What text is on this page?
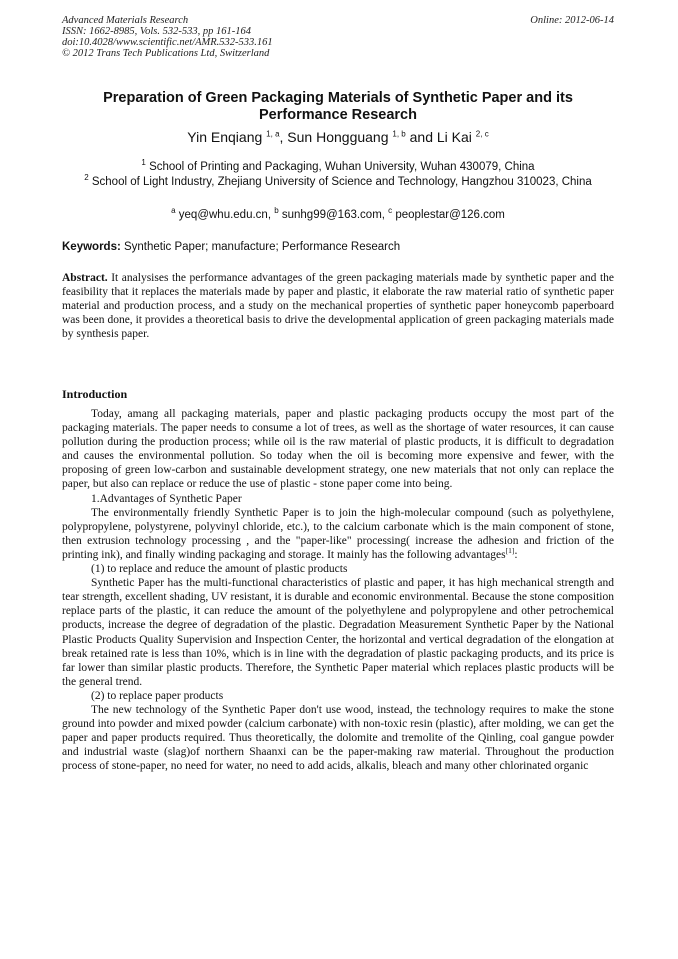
Advanced Materials Research
ISSN: 1662-8985, Vols. 532-533, pp 161-164
doi:10.4028/www.scientific.net/AMR.532-533.161
© 2012 Trans Tech Publications Ltd, Switzerland
Online: 2012-06-14
Preparation of Green Packaging Materials of Synthetic Paper and its Performance Research
Yin Enqiang $^{1, a}$, Sun Hongguang $^{1, b}$ and Li Kai $^{2, c}$
$^1$ School of Printing and Packaging, Wuhan University, Wuhan 430079, China
$^2$ School of Light Industry, Zhejiang University of Science and Technology, Hangzhou 310023, China
$^a$ yeq@whu.edu.cn, $^b$ sunhg99@163.com, $^c$ peoplestar@126.com
Keywords: Synthetic Paper; manufacture; Performance Research
Abstract. It analysises the performance advantages of the green packaging materials made by synthetic paper and the feasibility that it replaces the materials made by paper and plastic, it elaborate the raw material ratio of synthetic paper material and production process, and a study on the mechanical properties of synthetic paper honeycomb paperboard was been done, it provides a theoretical basis to drive the developmental application of green packaging materials made by synthesis paper.
Introduction

Today, amang all packaging materials, paper and plastic packaging products occupy the most part of the packaging materials. The paper needs to consume a lot of trees, as well as the shortage of water resources, it can cause pollution during the production process; while oil is the raw material of plastic products, it is difficult to degradation and causes the environmental pollution. So today when the oil is becoming more expensive and fewer, with the proposing of green low-carbon and sustainable development strategy, one new materials that not only can replace the paper, but also can replace or reduce the use of plastic - stone paper come into being.

1.Advantages of Synthetic Paper

The environmentally friendly Synthetic Paper is to join the high-molecular compound (such as polyethylene, polypropylene, polystyrene, polyvinyl chloride, etc.), to the calcium carbonate which is the main component of stone, then extrusion technology processing , and the "paper-like" processing( increase the adhesion and friction of the printing ink), and finally winding packaging and storage. It mainly has the following advantages[1]:

(1) to replace and reduce the amount of plastic products

Synthetic Paper has the multi-functional characteristics of plastic and paper, it has high mechanical strength and tear strength, excellent shading, UV resistant, it is durable and economic environmental. Because the stone composition replace parts of the plastic, it can reduce the amount of the polyethylene and polypropylene and other petrochemical products, increase the degree of degradation of the plastic. Degradation Measurement Synthetic Paper by the National Plastic Products Quality Supervision and Inspection Center, the horizontal and vertical degradation of the elongation at break retained rate is less than 10%, which is in line with the degradation of plastic packaging products, and its price is far lower than similar plastic products. Therefore, the Synthetic Paper material which replaces plastic products will be the general trend.

(2) to replace paper products

The new technology of the Synthetic Paper don't use wood, instead, the technology requires to make the stone ground into powder and mixed powder (calcium carbonate) with non-toxic resin (plastic), after molding, we can get the paper and paper products required. Thus theoretically, the dolomite and tremolite of the Qinling, coal gangue powder and industrial waste (slag)of northern Shaanxi can be the paper-making raw material. Throughout the production process of stone-paper, no need for water, no need to add acids, alkalis, bleach and many other chlorinated organic
